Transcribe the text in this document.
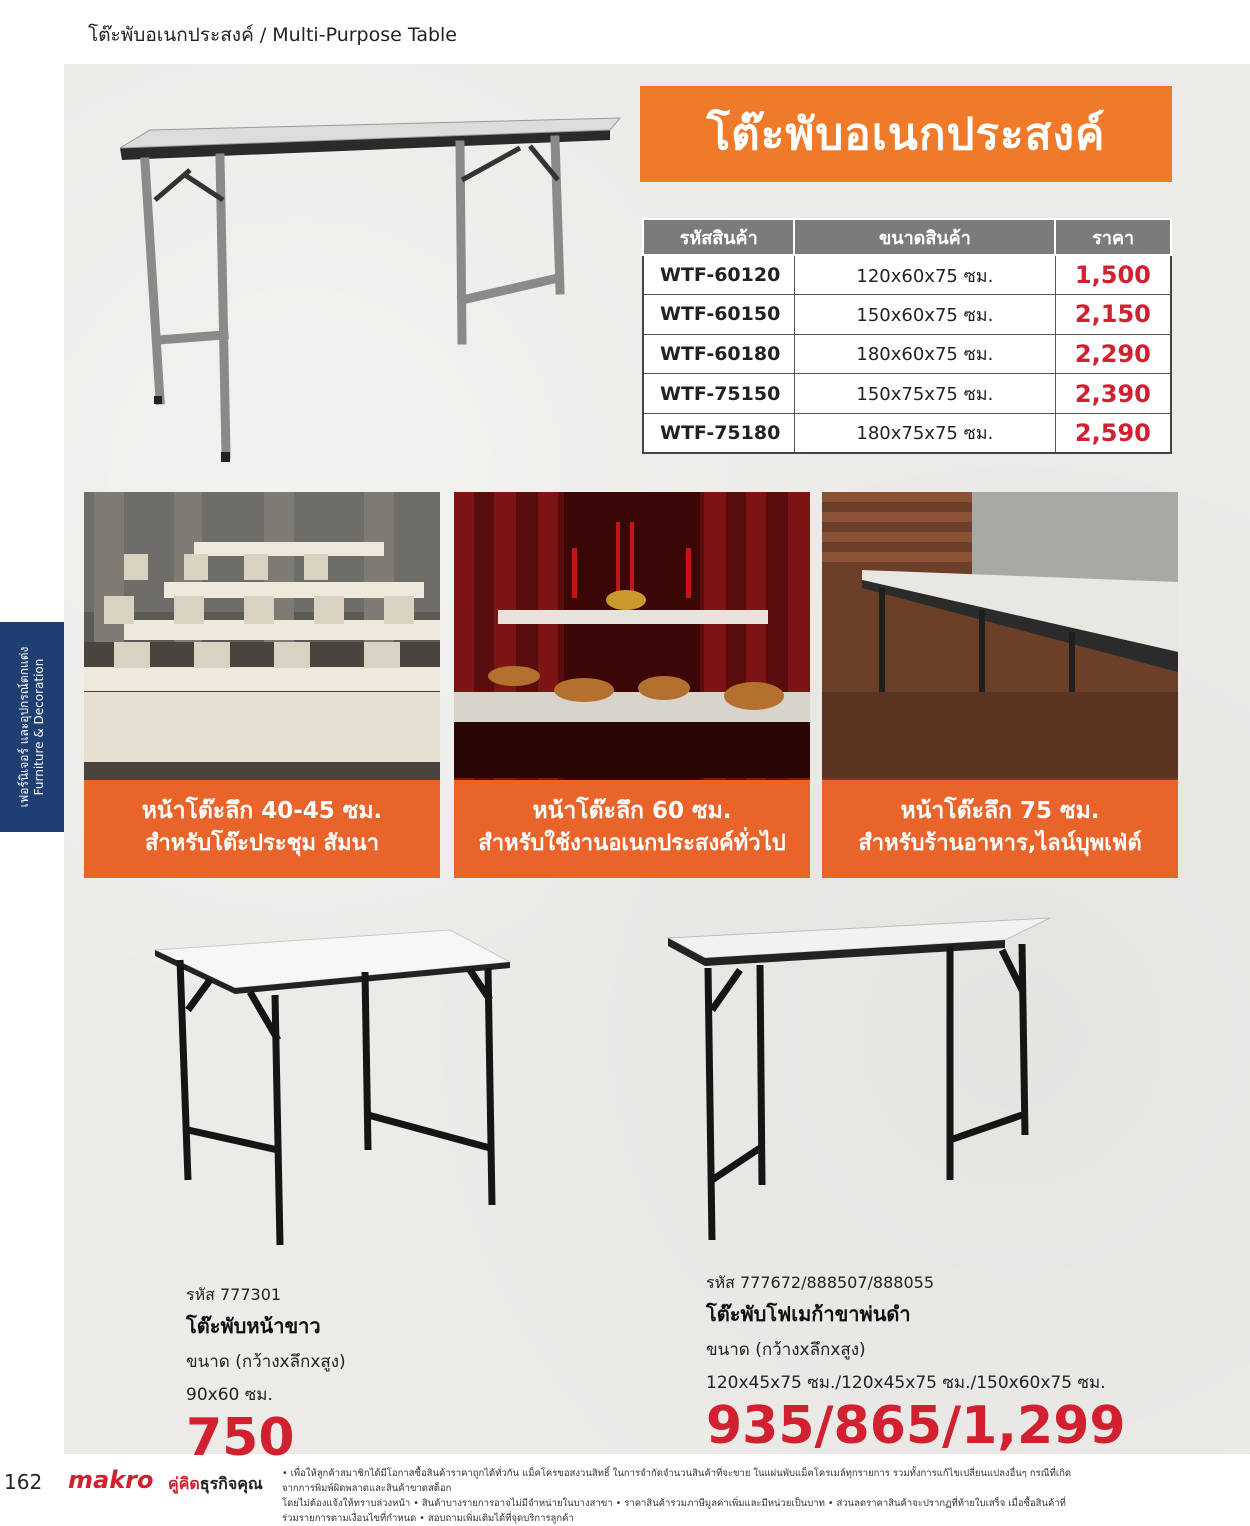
โต๊ะพับอเนกประสงค์ / Multi-Purpose Table
เฟอร์นิเจอร์ และอุปกรณ์ตกแต่ง Furniture & Decoration
โต๊ะพับอเนกประสงค์
รหัสสินค้า	ขนาดสินค้า	ราคา
WTF-60120	120x60x75 ซม.	1,500
WTF-60150	150x60x75 ซม.	2,150
WTF-60180	180x60x75 ซม.	2,290
WTF-75150	150x75x75 ซม.	2,390
WTF-75180	180x75x75 ซม.	2,590
หน้าโต๊ะลึก 40-45 ซม.
สำหรับโต๊ะประชุม สัมนา
หน้าโต๊ะลึก 60 ซม.
สำหรับใช้งานอเนกประสงค์ทั่วไป
หน้าโต๊ะลึก 75 ซม.
สำหรับร้านอาหาร,ไลน์บุพเฟ่ต์
รหัส 777301
โต๊ะพับหน้าขาว
ขนาด (กว้างxลึกxสูง)
90x60 ซม.
750
รหัส 777672/888507/888055
โต๊ะพับโฟเมก้าขาพ่นดำ
ขนาด (กว้างxลึกxสูง)
120x45x75 ซม./120x45x75 ซม./150x60x75 ซม.
935/865/1,299
162 makro คู่คิดธุรกิจคุณ
• เพื่อให้ลูกค้าสมาชิกได้มีโอกาสซื้อสินค้าราคาถูกได้ทั่วกัน แม็คโครขอสงวนสิทธิ์ ในการจำกัดจำนวนสินค้าที่จะขาย ในแผ่นพับแม็คโครเมล์ทุกรายการ รวมทั้งการแก้ไขเปลี่ยนแปลงอื่นๆ กรณีที่เกิดจากการพิมพ์ผิดพลาดและสินค้าขาดสต็อก
โดยไม่ต้องแจ้งให้ทราบล่วงหน้า • สินค้าบางรายการอาจไม่มีจำหน่ายในบางสาขา • ราคาสินค้ารวมภาษีมูลค่าเพิ่มและมีหน่วยเป็นบาท • ส่วนลดราคาสินค้าจะปรากฏที่ท้ายใบเสร็จ เมื่อซื้อสินค้าที่ร่วมรายการตามเงื่อนไขที่กำหนด • สอบถามเพิ่มเติมได้ที่จุดบริการลูกค้า
